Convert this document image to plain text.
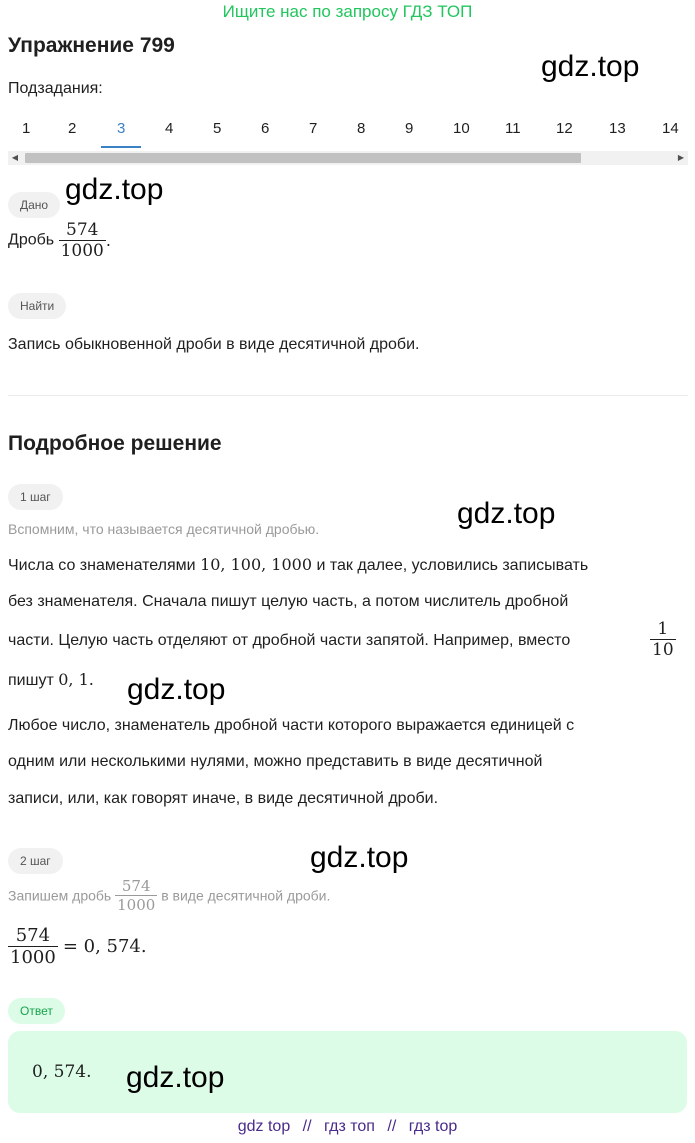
Ищите нас по запросу ГДЗ ТОП
Упражнение 799
gdz.top
Подзадания:
1	2	3	4	5	6	7	8	9	10 11 12 13 14
◀	▶
Дано gdz.top
Дробь $\frac{574}{1000}$ .
Найти
Запись обыкновенной дроби в виде десятичной дроби.
Подробное решение
1 шаг
Вспомним, что называется десятичной дробью.	gdz.top
Числа со знаменателями 10, 100, 1000 и так далее, условились записывать
без знаменателя. Сначала пишут целую часть, а потом числитель дробной
части. Целую часть отделяют от дробной части запятой. Например, вместо	$\frac{1}{10}$
пишут 0, 1. gdz.top
Любое число, знаменатель дробной части которого выражается единицей с
одним или несколькими нулями, можно представить в виде десятичной
записи, или, как говорят иначе, в виде десятичной дроби.
2 шаг	gdz.top
Запишем дробь $\frac{574}{1000}$ в виде десятичной дроби.
$\frac{574}{1000} = 0$, 574.
Ответ
0, 574. gdz.top
gdz top // гдз топ // гдз top
